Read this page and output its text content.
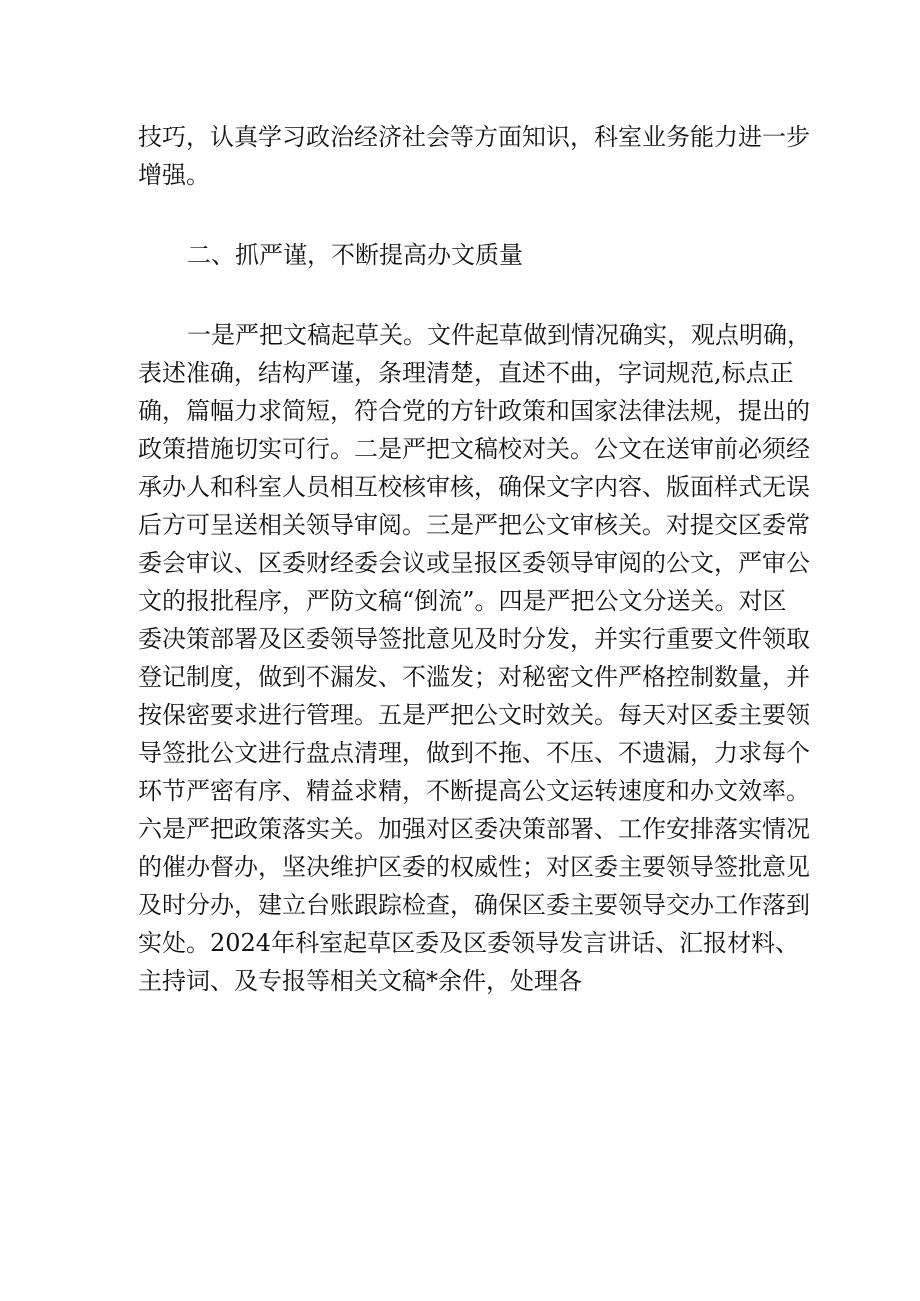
技巧，认真学习政治经济社会等方面知识，科室业务能力进一步
增强。
二、抓严谨，不断提高办文质量
一是严把文稿起草关。文件起草做到情况确实，观点明确，
表述准确，结构严谨，条理清楚，直述不曲，字词规范,标点正
确，篇幅力求简短，符合党的方针政策和国家法律法规，提出的
政策措施切实可行。二是严把文稿校对关。公文在送审前必须经
承办人和科室人员相互校核审核，确保文字内容、版面样式无误
后方可呈送相关领导审阅。三是严把公文审核关。对提交区委常
委会审议、区委财经委会议或呈报区委领导审阅的公文，严审公
文的报批程序，严防文稿“倒流”。四是严把公文分送关。对区
委决策部署及区委领导签批意见及时分发，并实行重要文件领取
登记制度，做到不漏发、不滥发；对秘密文件严格控制数量，并
按保密要求进行管理。五是严把公文时效关。每天对区委主要领
导签批公文进行盘点清理，做到不拖、不压、不遗漏，力求每个
环节严密有序、精益求精，不断提高公文运转速度和办文效率。
六是严把政策落实关。加强对区委决策部署、工作安排落实情况
的催办督办，坚决维护区委的权威性；对区委主要领导签批意见
及时分办，建立台账跟踪检查，确保区委主要领导交办工作落到
实处。2024年科室起草区委及区委领导发言讲话、汇报材料、
主持词、及专报等相关文稿*余件，处理各
